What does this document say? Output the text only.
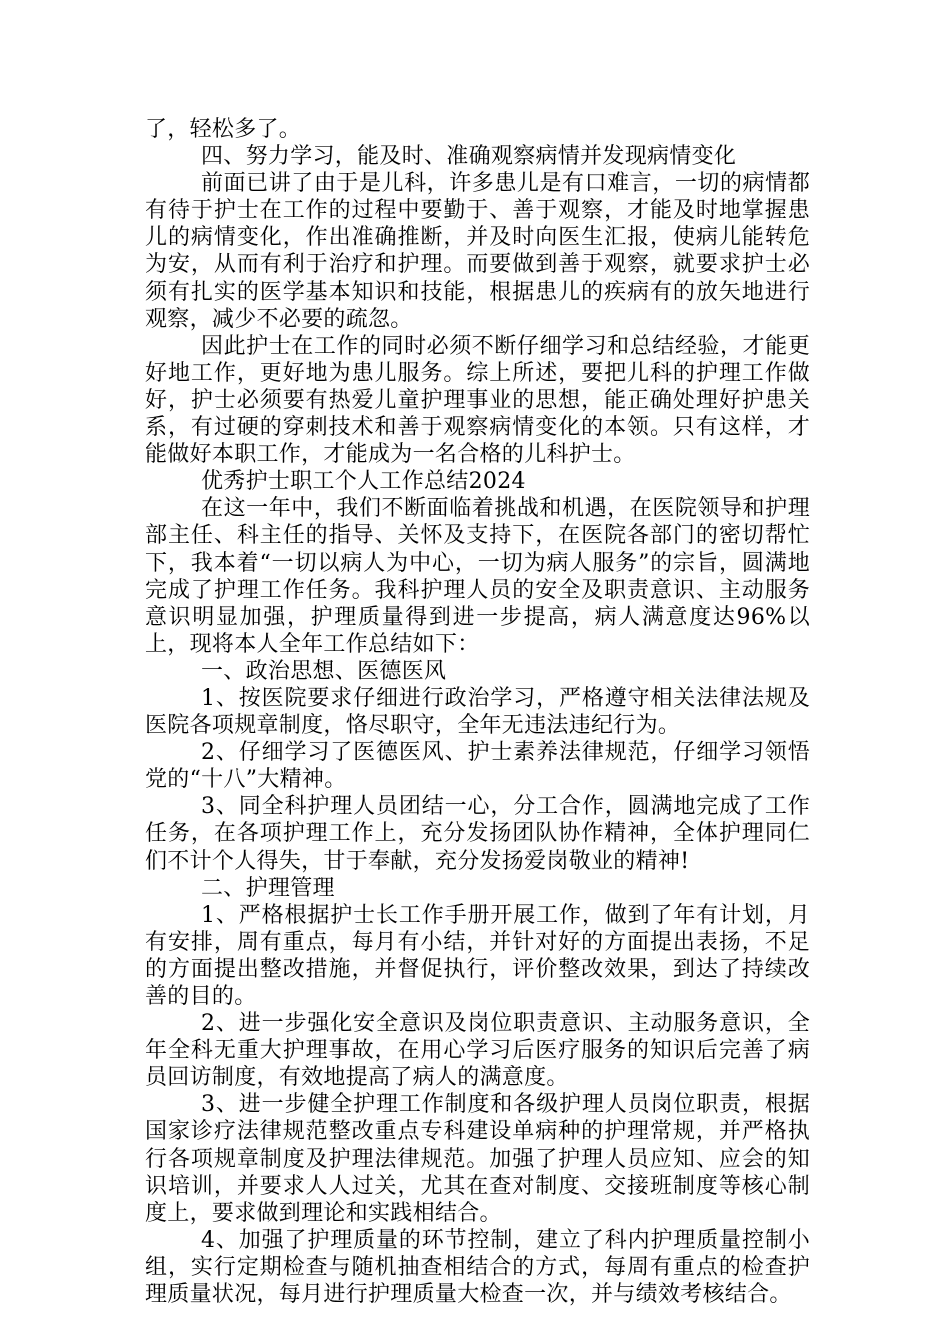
了，轻松多了。

四、努力学习，能及时、准确观察病情并发现病情变化

前面已讲了由于是儿科，许多患儿是有口难言，一切的病情都有待于护士在工作的过程中要勤于、善于观察，才能及时地掌握患儿的病情变化，作出准确推断，并及时向医生汇报，使病儿能转危为安，从而有利于治疗和护理。而要做到善于观察，就要求护士必须有扎实的医学基本知识和技能，根据患儿的疾病有的放矢地进行观察，减少不必要的疏忽。

因此护士在工作的同时必须不断仔细学习和总结经验，才能更好地工作，更好地为患儿服务。综上所述，要把儿科的护理工作做好，护士必须要有热爱儿童护理事业的思想，能正确处理好护患关系，有过硬的穿刺技术和善于观察病情变化的本领。只有这样，才能做好本职工作，才能成为一名合格的儿科护士。

优秀护士职工个人工作总结2024

在这一年中，我们不断面临着挑战和机遇，在医院领导和护理部主任、科主任的指导、关怀及支持下，在医院各部门的密切帮忙下，我本着“一切以病人为中心，一切为病人服务”的宗旨，圆满地完成了护理工作任务。我科护理人员的安全及职责意识、主动服务意识明显加强，护理质量得到进一步提高，病人满意度达96%以上，现将本人全年工作总结如下：

一、政治思想、医德医风

1、按医院要求仔细进行政治学习，严格遵守相关法律法规及医院各项规章制度，恪尽职守，全年无违法违纪行为。

2、仔细学习了医德医风、护士素养法律规范，仔细学习领悟党的“十八”大精神。

3、同全科护理人员团结一心，分工合作，圆满地完成了工作任务，在各项护理工作上，充分发扬团队协作精神，全体护理同仁们不计个人得失，甘于奉献，充分发扬爱岗敬业的精神!

二、护理管理

1、严格根据护士长工作手册开展工作，做到了年有计划，月有安排，周有重点，每月有小结，并针对好的方面提出表扬，不足的方面提出整改措施，并督促执行，评价整改效果，到达了持续改善的目的。

2、进一步强化安全意识及岗位职责意识、主动服务意识，全年全科无重大护理事故，在用心学习后医疗服务的知识后完善了病员回访制度，有效地提高了病人的满意度。

3、进一步健全护理工作制度和各级护理人员岗位职责，根据国家诊疗法律规范整改重点专科建设单病种的护理常规，并严格执行各项规章制度及护理法律规范。加强了护理人员应知、应会的知识培训，并要求人人过关，尤其在查对制度、交接班制度等核心制度上，要求做到理论和实践相结合。

4、加强了护理质量的环节控制，建立了科内护理质量控制小组，实行定期检查与随机抽查相结合的方式，每周有重点的检查护理质量状况，每月进行护理质量大检查一次，并与绩效考核结合。
